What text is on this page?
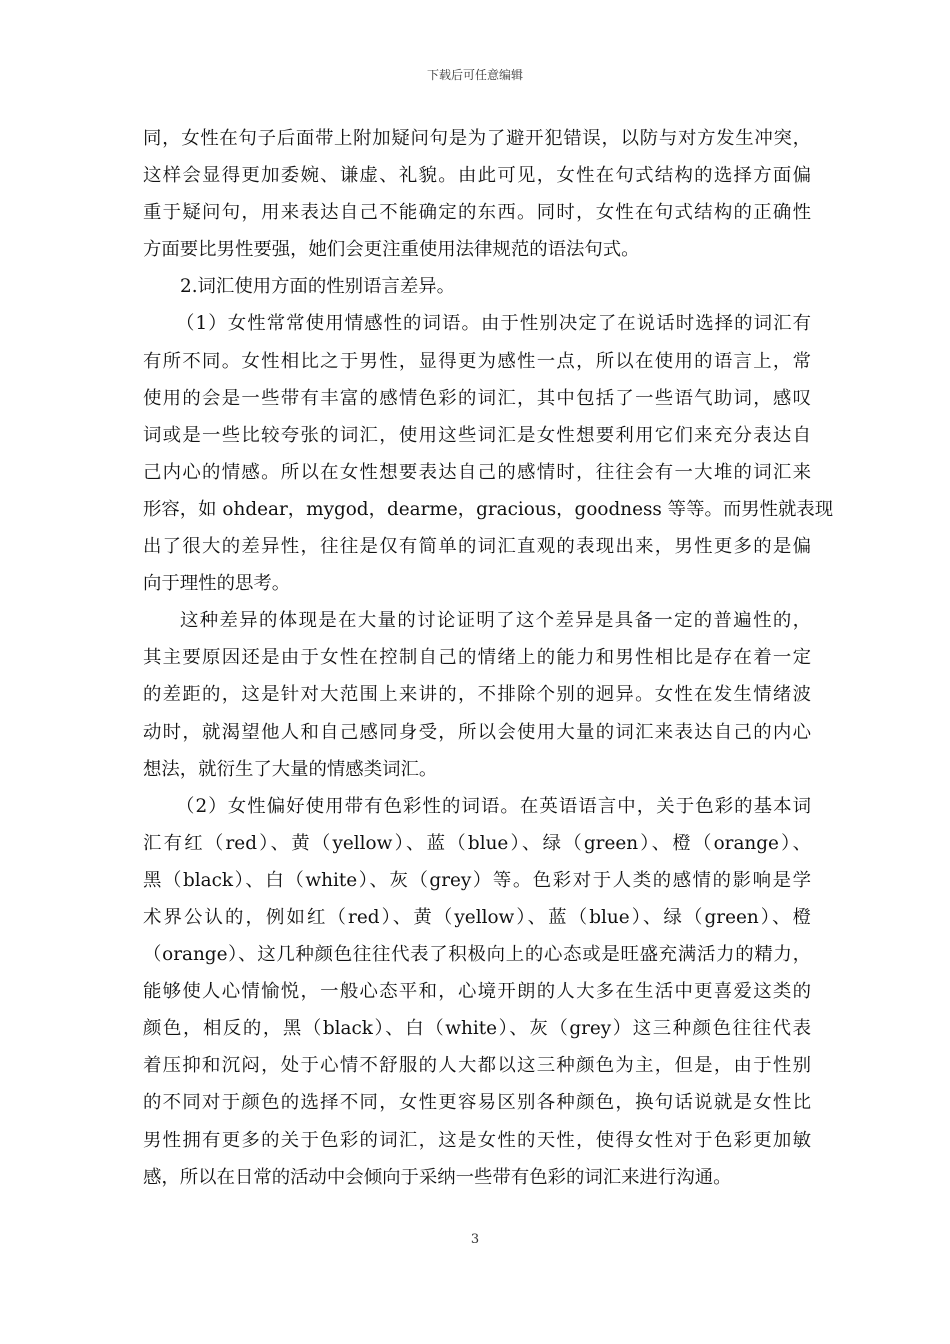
下载后可任意编辑
同，女性在句子后面带上附加疑问句是为了避开犯错误，以防与对方发生冲突，
这样会显得更加委婉、谦虚、礼貌。由此可见，女性在句式结构的选择方面偏
重于疑问句，用来表达自己不能确定的东西。同时，女性在句式结构的正确性
方面要比男性要强，她们会更注重使用法律规范的语法句式。
2.词汇使用方面的性别语言差异。
（1）女性常常使用情感性的词语。由于性别决定了在说话时选择的词汇有
有所不同。女性相比之于男性，显得更为感性一点，所以在使用的语言上，常
使用的会是一些带有丰富的感情色彩的词汇，其中包括了一些语气助词，感叹
词或是一些比较夸张的词汇，使用这些词汇是女性想要利用它们来充分表达自
己内心的情感。所以在女性想要表达自己的感情时，往往会有一大堆的词汇来
形容，如 ohdear，mygod，dearme，gracious，goodness 等等。而男性就表现
出了很大的差异性，往往是仅有简单的词汇直观的表现出来，男性更多的是偏
向于理性的思考。
这种差异的体现是在大量的讨论证明了这个差异是具备一定的普遍性的，
其主要原因还是由于女性在控制自己的情绪上的能力和男性相比是存在着一定
的差距的，这是针对大范围上来讲的，不排除个别的迥异。女性在发生情绪波
动时，就渴望他人和自己感同身受，所以会使用大量的词汇来表达自己的内心
想法，就衍生了大量的情感类词汇。
（2）女性偏好使用带有色彩性的词语。在英语语言中，关于色彩的基本词
汇有红（red）、黄（yellow）、蓝（blue）、绿（green）、橙（orange）、
黑（black）、白（white）、灰（grey）等。色彩对于人类的感情的影响是学
术界公认的，例如红（red）、黄（yellow）、蓝（blue）、绿（green）、橙
（orange）、这几种颜色往往代表了积极向上的心态或是旺盛充满活力的精力，
能够使人心情愉悦，一般心态平和，心境开朗的人大多在生活中更喜爱这类的
颜色，相反的，黑（black）、白（white）、灰（grey）这三种颜色往往代表
着压抑和沉闷，处于心情不舒服的人大都以这三种颜色为主，但是，由于性别
的不同对于颜色的选择不同，女性更容易区别各种颜色，换句话说就是女性比
男性拥有更多的关于色彩的词汇，这是女性的天性，使得女性对于色彩更加敏
感，所以在日常的活动中会倾向于采纳一些带有色彩的词汇来进行沟通。
3
